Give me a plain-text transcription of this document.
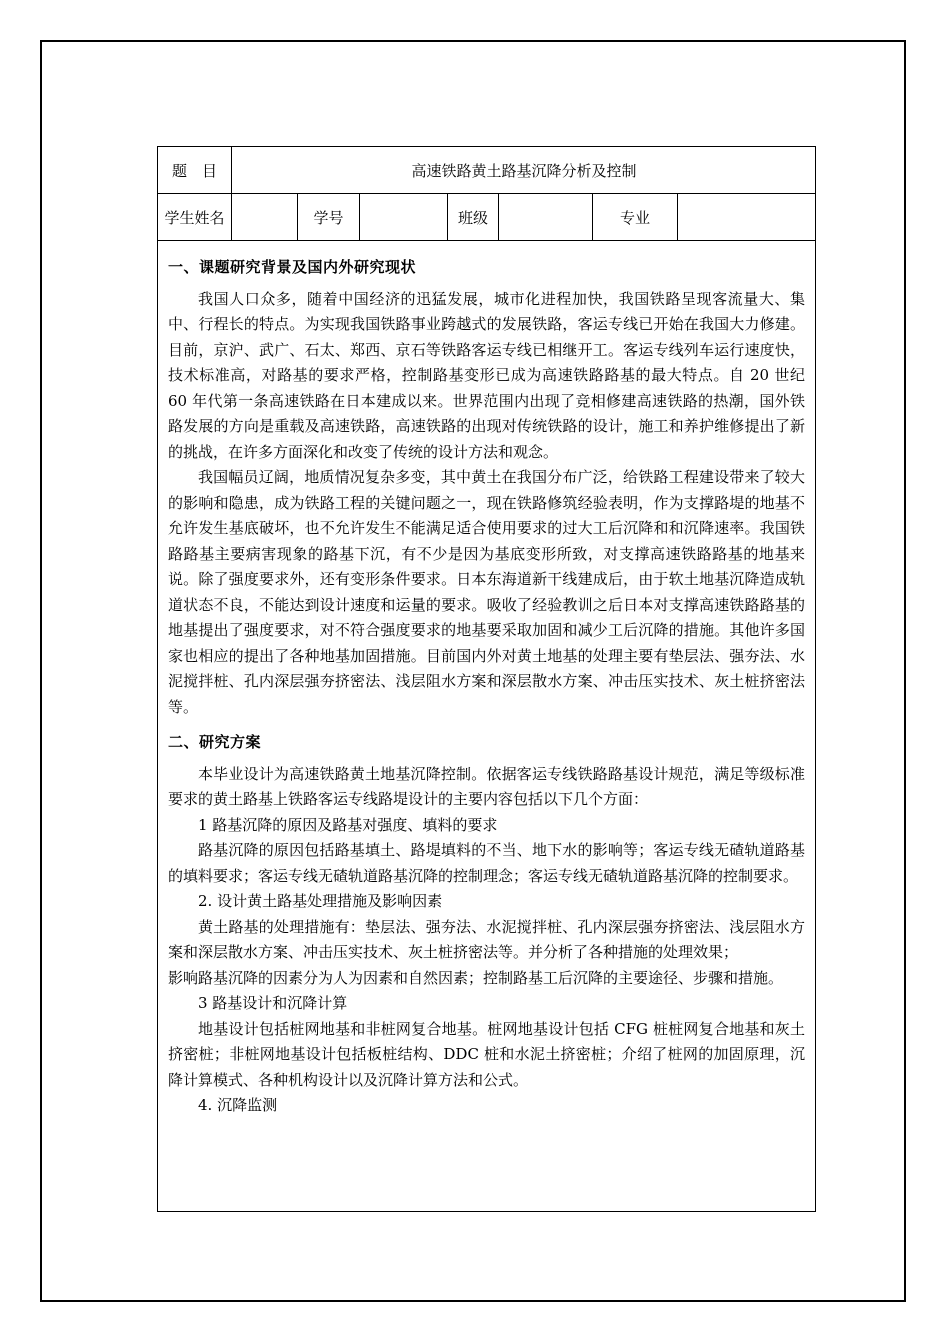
题　目	高速铁路黄土路基沉降分析及控制
学生姓名	学号	班级	专业
一、课题研究背景及国内外研究现状

我国人口众多，随着中国经济的迅猛发展，城市化进程加快，我国铁路呈现客流量大、集中、行程长的特点。为实现我国铁路事业跨越式的发展铁路，客运专线已开始在我国大力修建。目前，京沪、武广、石太、郑西、京石等铁路客运专线已相继开工。客运专线列车运行速度快，技术标准高，对路基的要求严格，控制路基变形已成为高速铁路路基的最大特点。自 20 世纪 60 年代第一条高速铁路在日本建成以来。世界范围内出现了竞相修建高速铁路的热潮，国外铁路发展的方向是重载及高速铁路，高速铁路的出现对传统铁路的设计，施工和养护维修提出了新的挑战，在许多方面深化和改变了传统的设计方法和观念。

我国幅员辽阔，地质情况复杂多变，其中黄土在我国分布广泛，给铁路工程建设带来了较大的影响和隐患，成为铁路工程的关键问题之一，现在铁路修筑经验表明，作为支撑路堤的地基不允许发生基底破坏，也不允许发生不能满足适合使用要求的过大工后沉降和和沉降速率。我国铁路路基主要病害现象的路基下沉，有不少是因为基底变形所致，对支撑高速铁路路基的地基来说。除了强度要求外，还有变形条件要求。日本东海道新干线建成后，由于软土地基沉降造成轨道状态不良，不能达到设计速度和运量的要求。吸收了经验教训之后日本对支撑高速铁路路基的地基提出了强度要求，对不符合强度要求的地基要采取加固和减少工后沉降的措施。其他许多国家也相应的提出了各种地基加固措施。目前国内外对黄土地基的处理主要有垫层法、强夯法、水泥搅拌桩、孔内深层强夯挤密法、浅层阻水方案和深层散水方案、冲击压实技术、灰土桩挤密法等。

二、研究方案

本毕业设计为高速铁路黄土地基沉降控制。依据客运专线铁路路基设计规范，满足等级标准要求的黄土路基上铁路客运专线路堤设计的主要内容包括以下几个方面：

1 路基沉降的原因及路基对强度、填料的要求

路基沉降的原因包括路基填土、路堤填料的不当、地下水的影响等；客运专线无碴轨道路基的填料要求；客运专线无碴轨道路基沉降的控制理念；客运专线无碴轨道路基沉降的控制要求。

2. 设计黄土路基处理措施及影响因素

黄土路基的处理措施有：垫层法、强夯法、水泥搅拌桩、孔内深层强夯挤密法、浅层阻水方案和深层散水方案、冲击压实技术、灰土桩挤密法等。并分析了各种措施的处理效果；

影响路基沉降的因素分为人为因素和自然因素；控制路基工后沉降的主要途径、步骤和措施。

3 路基设计和沉降计算

地基设计包括桩网地基和非桩网复合地基。桩网地基设计包括 CFG 桩桩网复合地基和灰土挤密桩；非桩网地基设计包括板桩结构、DDC 桩和水泥土挤密桩；介绍了桩网的加固原理，沉降计算模式、各种机构设计以及沉降计算方法和公式。

4. 沉降监测
